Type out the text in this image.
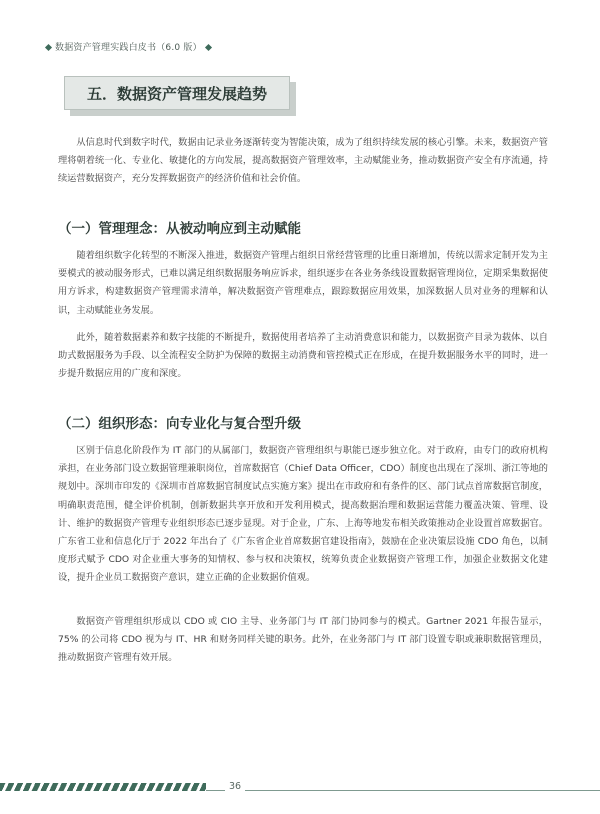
数据资产管理实践白皮书（6.0 版）
五．数据资产管理发展趋势

从信息时代到数字时代，数据由记录业务逐渐转变为智能决策，成为了组织持续发展的核心引擎。未来，数据资产管理将朝着统一化、专业化、敏捷化的方向发展，提高数据资产管理效率，主动赋能业务，推动数据资产安全有序流通，持续运营数据资产，充分发挥数据资产的经济价值和社会价值。

（一）管理理念：从被动响应到主动赋能

随着组织数字化转型的不断深入推进，数据资产管理占组织日常经营管理的比重日渐增加，传统以需求定制开发为主要模式的被动服务形式，已难以满足组织数据服务响应诉求，组织逐步在各业务条线设置数据管理岗位，定期采集数据使用方诉求，构建数据资产管理需求清单，解决数据资产管理难点，跟踪数据应用效果，加深数据人员对业务的理解和认识，主动赋能业务发展。

此外，随着数据素养和数字技能的不断提升，数据使用者培养了主动消费意识和能力，以数据资产目录为载体、以自助式数据服务为手段、以全流程安全防护为保障的数据主动消费和管控模式正在形成，在提升数据服务水平的同时，进一步提升数据应用的广度和深度。

（二）组织形态：向专业化与复合型升级

区别于信息化阶段作为 IT 部门的从属部门，数据资产管理组织与职能已逐步独立化。对于政府，由专门的政府机构承担，在业务部门设立数据管理兼职岗位，首席数据官（Chief Data Officer，CDO）制度也出现在了深圳、浙江等地的规划中。深圳市印发的《深圳市首席数据官制度试点实施方案》提出在市政府和有条件的区、部门试点首席数据官制度，明确职责范围，健全评价机制，创新数据共享开放和开发利用模式，提高数据治理和数据运营能力覆盖决策、管理、设计、维护的数据资产管理专业组织形态已逐步显现。对于企业，广东、上海等地发布相关政策推动企业设置首席数据官。广东省工业和信息化厅于 2022 年出台了《广东省企业首席数据官建设指南》，鼓励在企业决策层设施 CDO 角色，以制度形式赋予 CDO 对企业重大事务的知情权、参与权和决策权，统筹负责企业数据资产管理工作，加强企业数据文化建设，提升企业员工数据资产意识，建立正确的企业数据价值观。

数据资产管理组织形成以 CDO 或 CIO 主导、业务部门与 IT 部门协同参与的模式。Gartner 2021 年报告显示，75% 的公司将 CDO 视为与 IT、HR 和财务同样关键的职务。此外，在业务部门与 IT 部门设置专职或兼职数据管理员，推动数据资产管理有效开展。

36
